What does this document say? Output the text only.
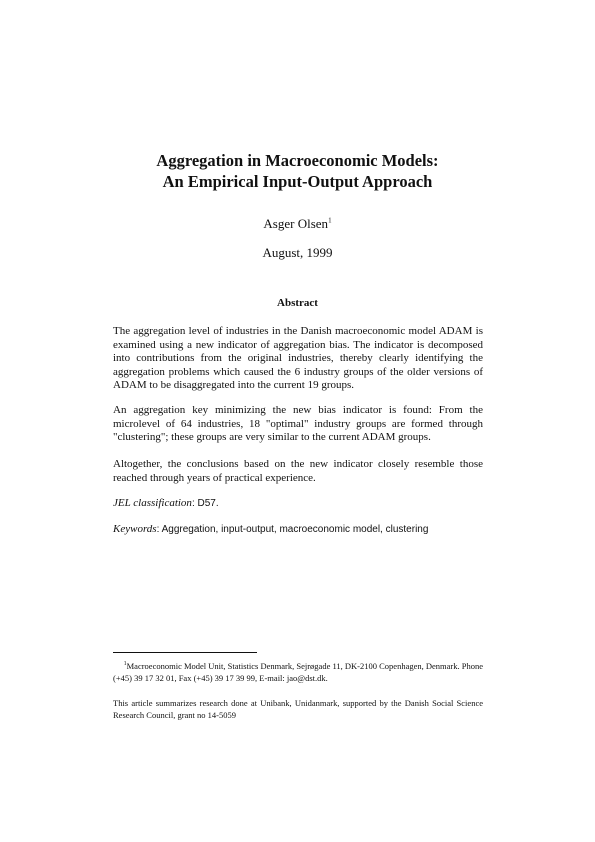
Aggregation in Macroeconomic Models:
An Empirical Input-Output Approach
Asger Olsen$^1$
August, 1999
Abstract
The aggregation level of industries in the Danish macroeconomic model ADAM is examined using a new indicator of aggregation bias. The indicator is decomposed into contributions from the original industries, thereby clearly identifying the aggregation problems which caused the 6 industry groups of the older versions of ADAM to be disaggregated into the current 19 groups.
An aggregation key minimizing the new bias indicator is found: From the microlevel of 64 industries, 18 "optimal" industry groups are formed through "clustering"; these groups are very similar to the current ADAM groups.
Altogether, the conclusions based on the new indicator closely resemble those reached through years of practical experience.
JEL classification: D57.
Keywords: Aggregation, input-output, macroeconomic model, clustering
$^1$Macroeconomic Model Unit, Statistics Denmark, Sejrøgade 11, DK-2100 Copenhagen, Denmark. Phone (+45) 39 17 32 01, Fax (+45) 39 17 39 99, E-mail: jao@dst.dk.
This article summarizes research done at Unibank, Unidanmark, supported by the Danish Social Science Research Council, grant no 14-5059
